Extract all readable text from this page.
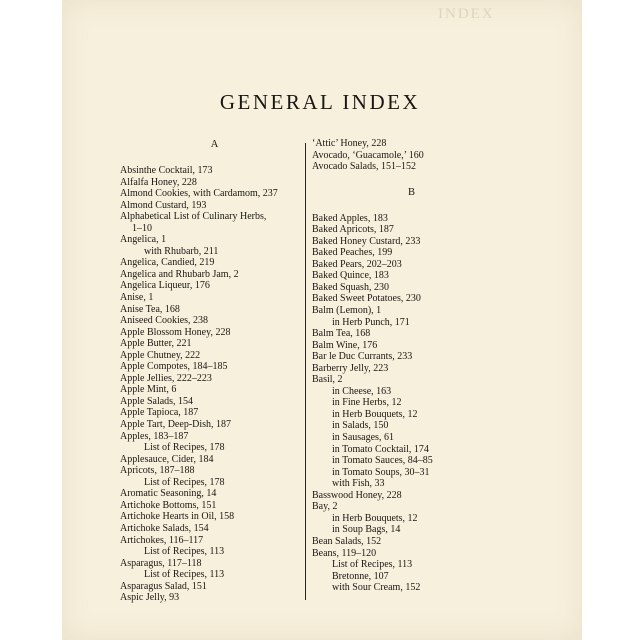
INDEX
GENERAL INDEX
A
Absinthe Cocktail, 173
Alfalfa Honey, 228
Almond Cookies, with Cardamom, 237
Almond Custard, 193
Alphabetical List of Culinary Herbs,
1–10
Angelica, 1
with Rhubarb, 211
Angelica, Candied, 219
Angelica and Rhubarb Jam, 2
Angelica Liqueur, 176
Anise, 1
Anise Tea, 168
Aniseed Cookies, 238
Apple Blossom Honey, 228
Apple Butter, 221
Apple Chutney, 222
Apple Compotes, 184–185
Apple Jellies, 222–223
Apple Mint, 6
Apple Salads, 154
Apple Tapioca, 187
Apple Tart, Deep-Dish, 187
Apples, 183–187
List of Recipes, 178
Applesauce, Cider, 184
Apricots, 187–188
List of Recipes, 178
Aromatic Seasoning, 14
Artichoke Bottoms, 151
Artichoke Hearts in Oil, 158
Artichoke Salads, 154
Artichokes, 116–117
List of Recipes, 113
Asparagus, 117–118
List of Recipes, 113
Asparagus Salad, 151
Aspic Jelly, 93
‘Attic’ Honey, 228
Avocado, ‘Guacamole,’ 160
Avocado Salads, 151–152
B
Baked Apples, 183
Baked Apricots, 187
Baked Honey Custard, 233
Baked Peaches, 199
Baked Pears, 202–203
Baked Quince, 183
Baked Squash, 230
Baked Sweet Potatoes, 230
Balm (Lemon), 1
in Herb Punch, 171
Balm Tea, 168
Balm Wine, 176
Bar le Duc Currants, 233
Barberry Jelly, 223
Basil, 2
in Cheese, 163
in Fine Herbs, 12
in Herb Bouquets, 12
in Salads, 150
in Sausages, 61
in Tomato Cocktail, 174
in Tomato Sauces, 84–85
in Tomato Soups, 30–31
with Fish, 33
Basswood Honey, 228
Bay, 2
in Herb Bouquets, 12
in Soup Bags, 14
Bean Salads, 152
Beans, 119–120
List of Recipes, 113
Bretonne, 107
with Sour Cream, 152
